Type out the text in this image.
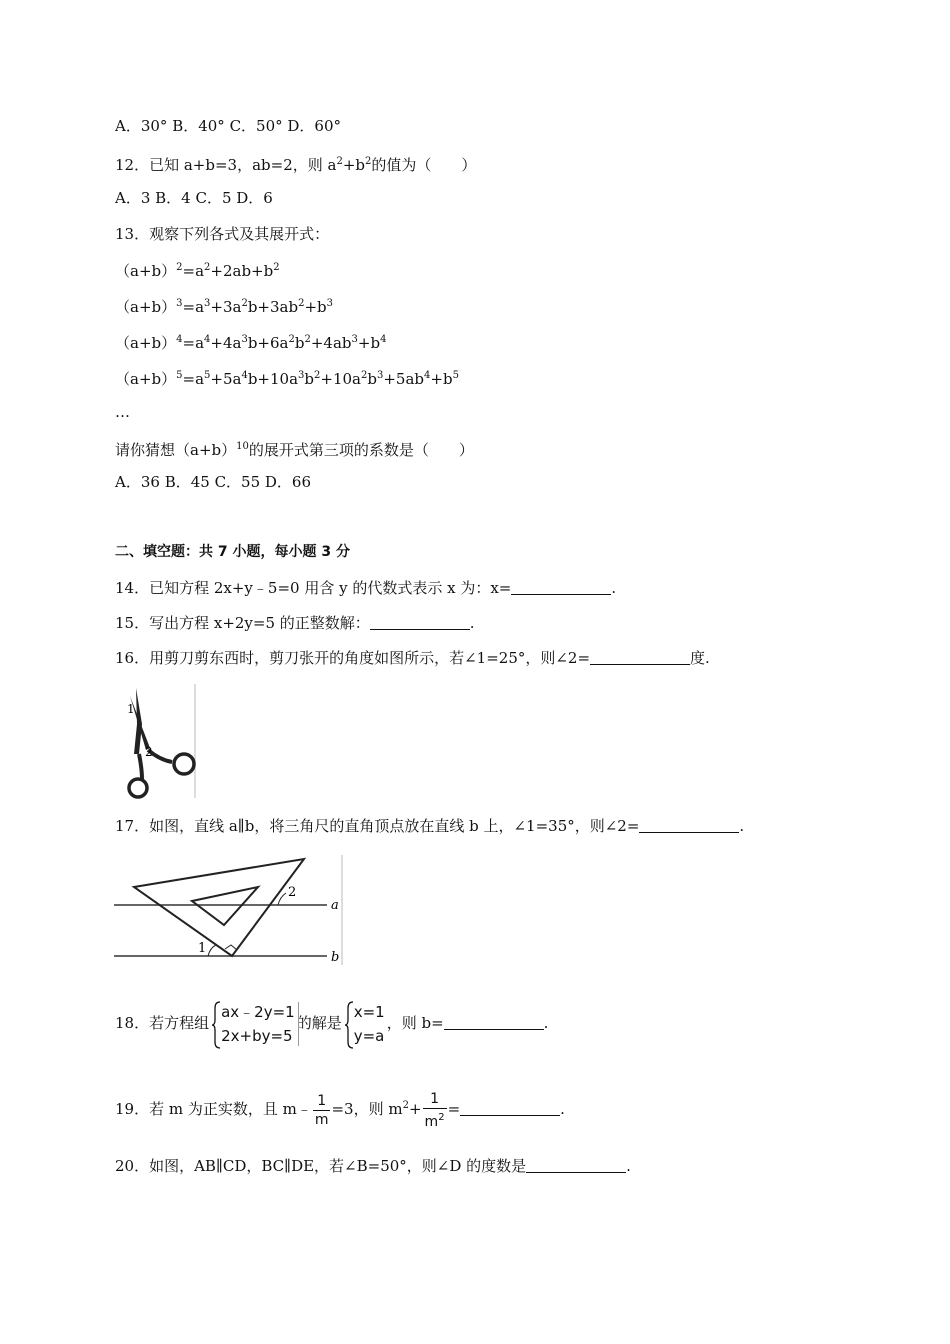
A．30° B．40° C．50° D．60°
12．已知 a+b=3，ab=2，则 $a^2+b^2$的值为（　　）
A．3 B．4 C．5 D．6
13．观察下列各式及其展开式：
$(a+b)^2=a^2+2ab+b^2$
$(a+b)^3=a^3+3a^2b+3ab^2+b^3$
$(a+b)^4=a^4+4a^3b+6a^2b^2+4ab^3+b^4$
$(a+b)^5=a^5+5a^4b+10a^3b^2+10a^2b^3+5ab^4+b^5$
…
请你猜想$(a+b)^{10}$的展开式第三项的系数是（　　）
A．36 B．45 C．55 D．66
二、填空题：共 7 小题，每小题 3 分
14．已知方程 2x+y﹣5=0 用含 y 的代数式表示 x 为：x=	.
15．写出方程 x+2y=5 的正整数解：	.
16．用剪刀剪东西时，剪刀张开的角度如图所示，若∠1=25°，则∠2=	度.
1
2
17．如图，直线 a∥b，将三角尺的直角顶点放在直线 b 上，∠1=35°，则∠2=	.
1
2
a
b
18．若方程组
ax﹣2y=1
2x+by=5
的解是
x=1
y=a
，则 b=	.
19．若 m 为正实数，且 m﹣ $\frac{1}{m} =3$，则 $m^2+ \frac{1}{m^2}$ =	.
20．如图，AB∥CD，BC∥DE，若∠B=50°，则∠D 的度数是	.
